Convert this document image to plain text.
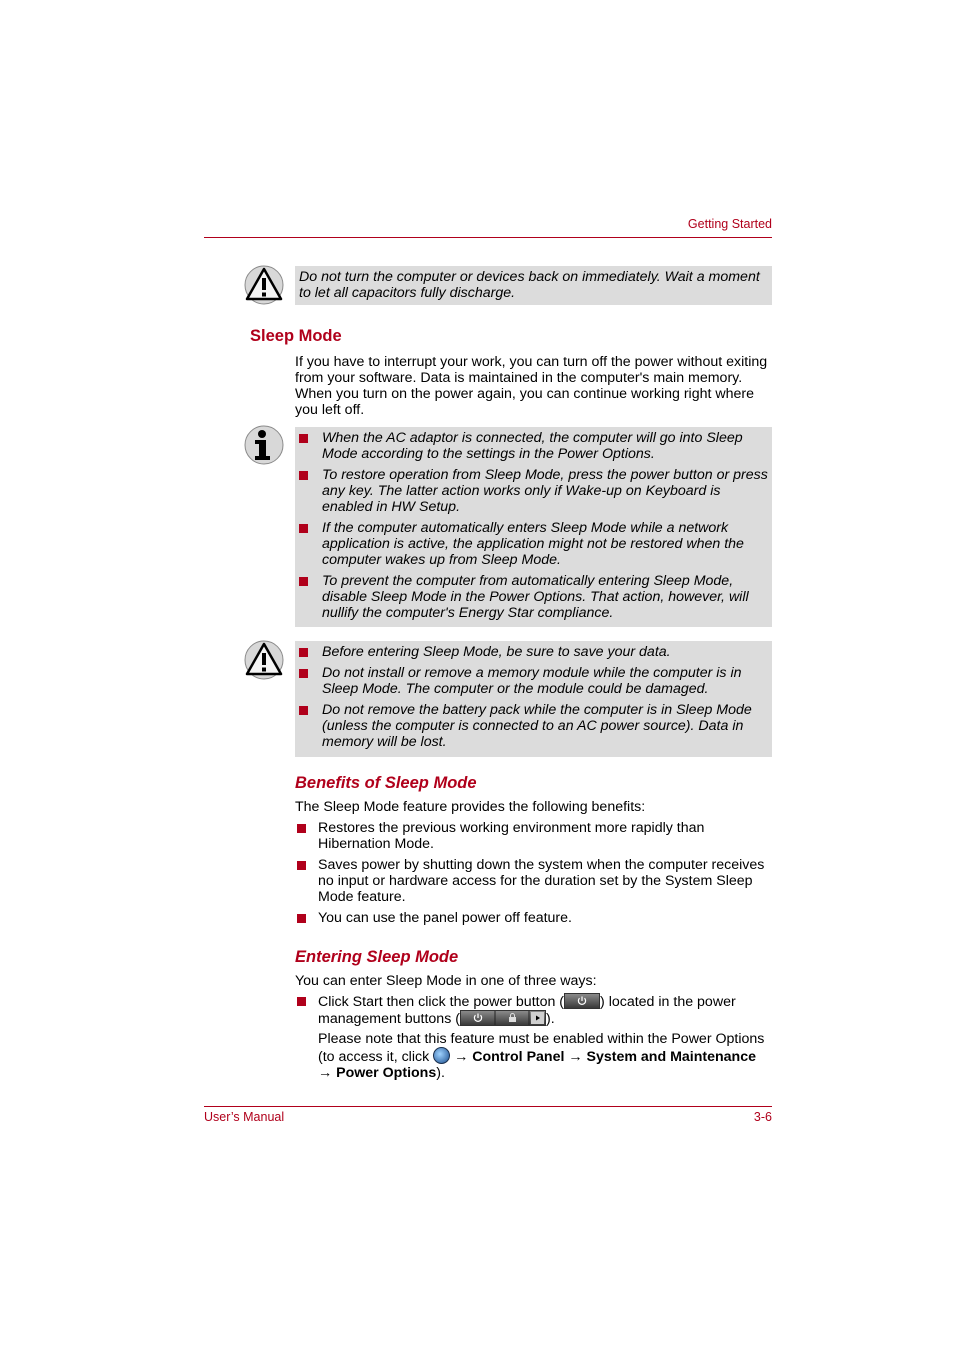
Getting Started
Do not turn the computer or devices back on immediately. Wait a moment to let all capacitors fully discharge.
Sleep Mode
If you have to interrupt your work, you can turn off the power without exiting from your software. Data is maintained in the computer's main memory. When you turn on the power again, you can continue working right where you left off.
When the AC adaptor is connected, the computer will go into Sleep Mode according to the settings in the Power Options.
To restore operation from Sleep Mode, press the power button or press any key. The latter action works only if Wake-up on Keyboard is enabled in HW Setup.
If the computer automatically enters Sleep Mode while a network application is active, the application might not be restored when the computer wakes up from Sleep Mode.
To prevent the computer from automatically entering Sleep Mode, disable Sleep Mode in the Power Options. That action, however, will nullify the computer's Energy Star compliance.
Before entering Sleep Mode, be sure to save your data.
Do not install or remove a memory module while the computer is in Sleep Mode. The computer or the module could be damaged.
Do not remove the battery pack while the computer is in Sleep Mode (unless the computer is connected to an AC power source). Data in memory will be lost.
Benefits of Sleep Mode
The Sleep Mode feature provides the following benefits:
Restores the previous working environment more rapidly than Hibernation Mode.
Saves power by shutting down the system when the computer receives no input or hardware access for the duration set by the System Sleep Mode feature.
You can use the panel power off feature.
Entering Sleep Mode
You can enter Sleep Mode in one of three ways:
Click Start then click the power button (	) located in the power management buttons (	).
Please note that this feature must be enabled within the Power Options (to access it, click  → Control Panel → System and Maintenance → Power Options).
User’s Manual	3-6
